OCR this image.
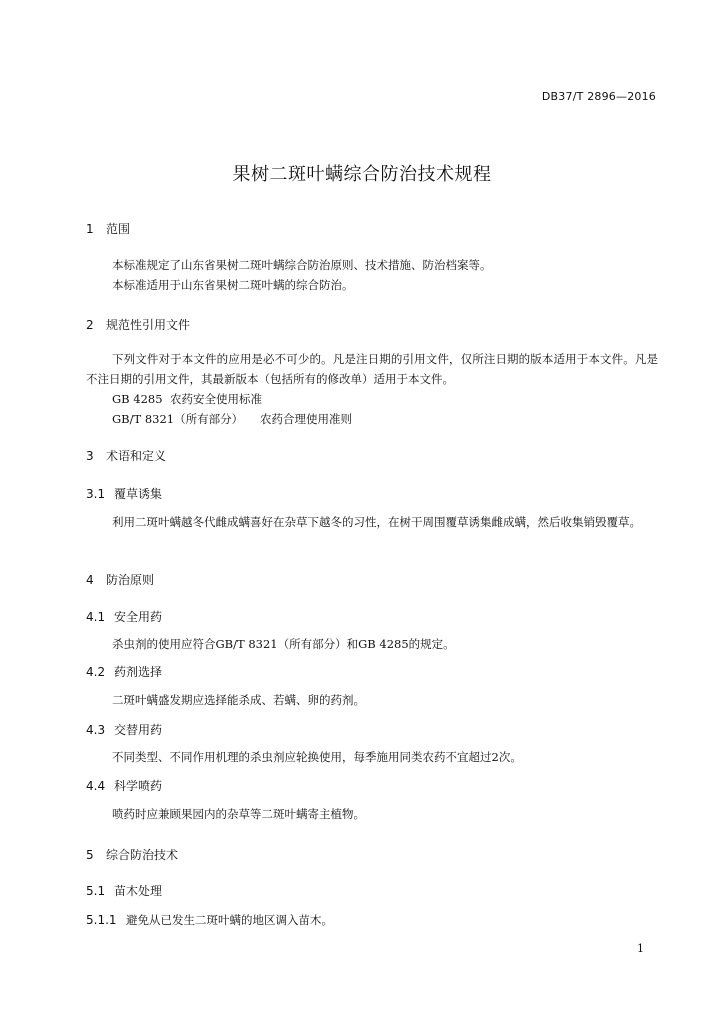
DB37/T 2896—2016
果树二斑叶螨综合防治技术规程
1 范围
本标准规定了山东省果树二斑叶螨综合防治原则、技术措施、防治档案等。
本标准适用于山东省果树二斑叶螨的综合防治。
2 规范性引用文件
下列文件对于本文件的应用是必不可少的。凡是注日期的引用文件，仅所注日期的版本适用于本文件。凡是不注日期的引用文件，其最新版本（包括所有的修改单）适用于本文件。
GB 4285 农药安全使用标准
GB/T 8321（所有部分） 农药合理使用准则
3 术语和定义
3.1 覆草诱集
利用二斑叶螨越冬代雌成螨喜好在杂草下越冬的习性，在树干周围覆草诱集雌成螨，然后收集销毁覆草。
4 防治原则
4.1 安全用药
杀虫剂的使用应符合GB/T 8321（所有部分）和GB 4285的规定。
4.2 药剂选择
二斑叶螨盛发期应选择能杀成、若螨、卵的药剂。
4.3 交替用药
不同类型、不同作用机理的杀虫剂应轮换使用，每季施用同类农药不宜超过2次。
4.4 科学喷药
喷药时应兼顾果园内的杂草等二斑叶螨寄主植物。
5 综合防治技术
5.1 苗木处理
5.1.1 避免从已发生二斑叶螨的地区调入苗木。
1
